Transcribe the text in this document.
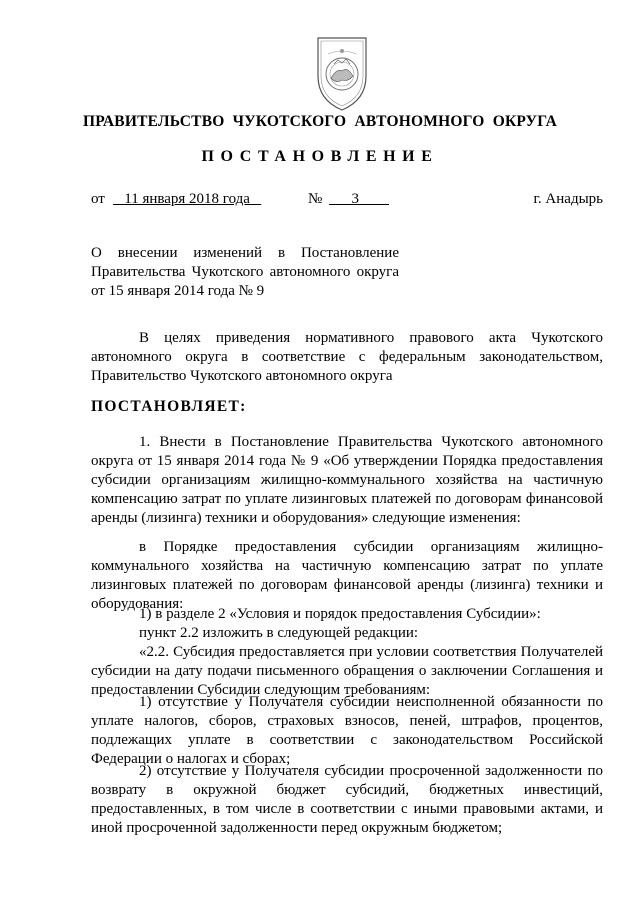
ПРАВИТЕЛЬСТВО  ЧУКОТСКОГО  АВТОНОМНОГО  ОКРУГА
ПОСТАНОВЛЕНИЕ
от	11 января 2018 года	№	3	г. Анадырь
О внесении изменений в Постановление
Правительства Чукотского автономного округа
от 15 января 2014 года № 9

В целях приведения нормативного правового акта Чукотского автономного округа в соответствие с федеральным законодательством, Правительство Чукотского автономного округа

ПОСТАНОВЛЯЕТ:

1. Внести в Постановление Правительства Чукотского автономного округа от 15 января 2014 года № 9 «Об утверждении Порядка предоставления субсидии организациям жилищно-коммунального хозяйства на частичную компенсацию затрат по уплате лизинговых платежей по договорам финансовой аренды (лизинга) техники и оборудования» следующие изменения:

в Порядке предоставления субсидии организациям жилищно-коммунального хозяйства на частичную компенсацию затрат по уплате лизинговых платежей по договорам финансовой аренды (лизинга) техники и оборудования:

1) в разделе 2 «Условия и порядок предоставления Субсидии»:

пункт 2.2 изложить в следующей редакции:

«2.2. Субсидия предоставляется при условии соответствия Получателей субсидии на дату подачи письменного обращения о заключении Соглашения и предоставлении Субсидии следующим требованиям:

1) отсутствие у Получателя субсидии неисполненной обязанности по уплате налогов, сборов, страховых взносов, пеней, штрафов, процентов, подлежащих уплате в соответствии с законодательством Российской Федерации о налогах и сборах;

2) отсутствие у Получателя субсидии просроченной задолженности по возврату в окружной бюджет субсидий, бюджетных инвестиций, предоставленных, в том числе в соответствии с иными правовыми актами, и иной просроченной задолженности перед окружным бюджетом;
